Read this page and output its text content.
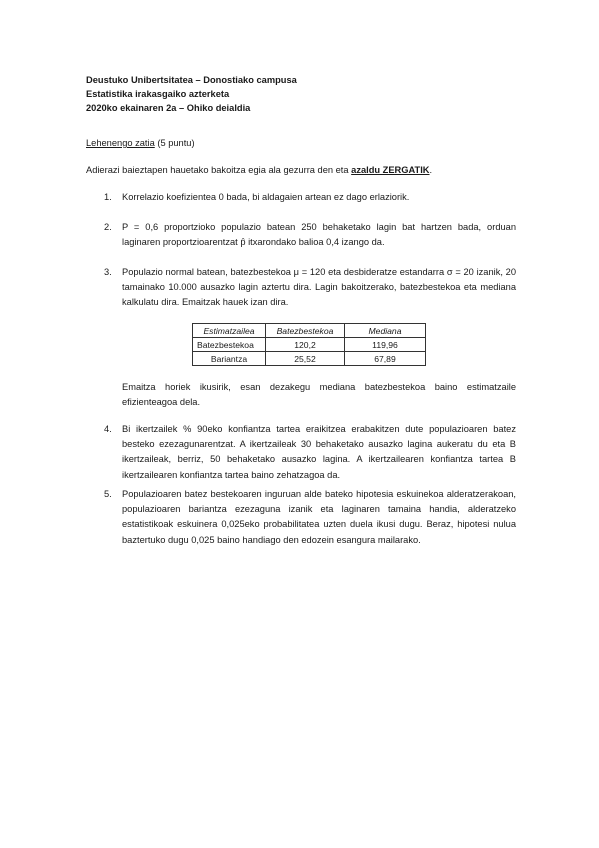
Deustuko Unibertsitatea – Donostiako campusa
Estatistika irakasgaiko azterketa
2020ko ekainaren 2a – Ohiko deialdia
Lehenengo zatia (5 puntu)
Adierazi baieztapen hauetako bakoitza egia ala gezurra den eta azaldu ZERGATIK.
1. Korrelazio koefizientea 0 bada, bi aldagaien artean ez dago erlaziorik.

2. P = 0,6 proportzioko populazio batean 250 behaketako lagin bat hartzen bada, orduan laginaren proportzioarentzat p̂ itxarondako balioa 0,4 izango da.

3. Populazio normal batean, batezbestekoa μ = 120 eta desbideratze estandarra σ = 20 izanik, 20 tamainako 10.000 ausazko lagin aztertu dira. Lagin bakoitzerako, batezbestekoa eta mediana kalkulatu dira. Emaitzak hauek izan dira.

Estimatzailea	Batezbestekoa	Mediana
Batezbestekoa	120,2	119,96
Bariantza	25,52	67,89
Emaitza horiek ikusirik, esan dezakegu mediana batezbestekoa baino estimatzaile efizienteagoa dela.
4. Bi ikertzailek % 90eko konfiantza tartea eraikitzea erabakitzen dute populazioaren batez besteko ezezagunarentzat. A ikertzaileak 30 behaketako ausazko lagina aukeratu du eta B ikertzaileak, berriz, 50 behaketako ausazko lagina. A ikertzailearen konfiantza tartea B ikertzailearen konfiantza tartea baino zehatzagoa da.

5. Populazioaren batez bestekoaren inguruan alde bateko hipotesia eskuinekoa alderatzerakoan, populazioaren bariantza ezezaguna izanik eta laginaren tamaina handia, alderatzeko estatistikoak eskuinera 0,025eko probabilitatea uzten duela ikusi dugu. Beraz, hipotesi nulua baztertuko dugu 0,025 baino handiago den edozein esangura mailarako.
